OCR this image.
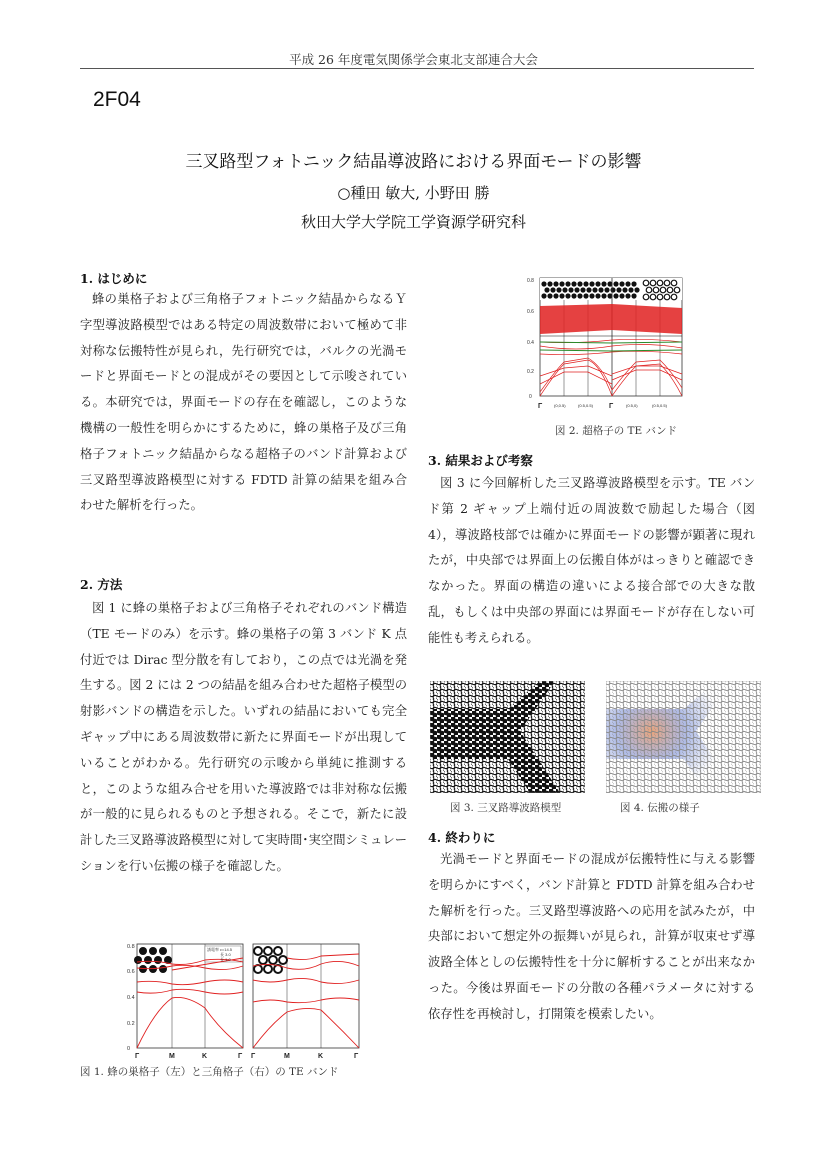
平成 26 年度電気関係学会東北支部連合大会
2F04
三叉路型フォトニック結晶導波路における界面モードの影響
○種田 敏大, 小野田 勝
秋田大学大学院工学資源学研究科
1. はじめに
蜂の巣格子および三角格子フォトニック結晶からなるＹ字型導波路模型ではある特定の周波数帯において極めて非対称な伝搬特性が見られ，先行研究では，バルクの光渦モードと界面モードとの混成がその要因として示唆されている。本研究では，界面モードの存在を確認し，このような機構の一般性を明らかにするために，蜂の巣格子及び三角格子フォトニック結晶からなる超格子のバンド計算および三叉路型導波路模型に対する FDTD 計算の結果を組み合わせた解析を行った。
2. 方法
図 1 に蜂の巣格子および三角格子それぞれのバンド構造（TE モードのみ）を示す。蜂の巣格子の第 3 バンド K 点付近では Dirac 型分散を有しており，この点では光渦を発生する。図 2 には 2 つの結晶を組み合わせた超格子模型の射影バンドの構造を示した。いずれの結晶においても完全ギャップ中にある周波数帯に新たに界面モードが出現していることがわかる。先行研究の示唆から単純に推測すると，このような組み合せを用いた導波路では非対称な伝搬が一般的に見られるものと予想される。そこで，新たに設計した三叉路導波路模型に対して実時間･実空間シミュレーションを行い伝搬の様子を確認した。
0
0.2
0.4
0.6
0.8	誘電率 ε=14.5
長 3.0
長 1.0
Γ	M	K	Γ Γ	M	K	Γ
図 1. 蜂の巣格子（左）と三角格子（右）の TE バンド
0
0.2
0.4
0.6
0.8
Γ	(0,0.5)	(0.5,0.5) Γ	(0.5,0)	(0.5,0.5)
図 2. 超格子の TE バンド
3. 結果および考察
図 3 に今回解析した三叉路導波路模型を示す。TE バンド第 2 ギャップ上端付近の周波数で励起した場合（図 4），導波路枝部では確かに界面モードの影響が顕著に現れたが，中央部では界面上の伝搬自体がはっきりと確認できなかった。界面の構造の違いによる接合部での大きな散乱，もしくは中央部の界面には界面モードが存在しない可能性も考えられる。
図 3. 三叉路導波路模型	図 4. 伝搬の様子
4. 終わりに
光渦モードと界面モードの混成が伝搬特性に与える影響を明らかにすべく，バンド計算と FDTD 計算を組み合わせた解析を行った。三叉路型導波路への応用を試みたが，中央部において想定外の振舞いが見られ，計算が収束せず導波路全体としの伝搬特性を十分に解析することが出来なかった。今後は界面モードの分散の各種パラメータに対する依存性を再検討し，打開策を模索したい。
